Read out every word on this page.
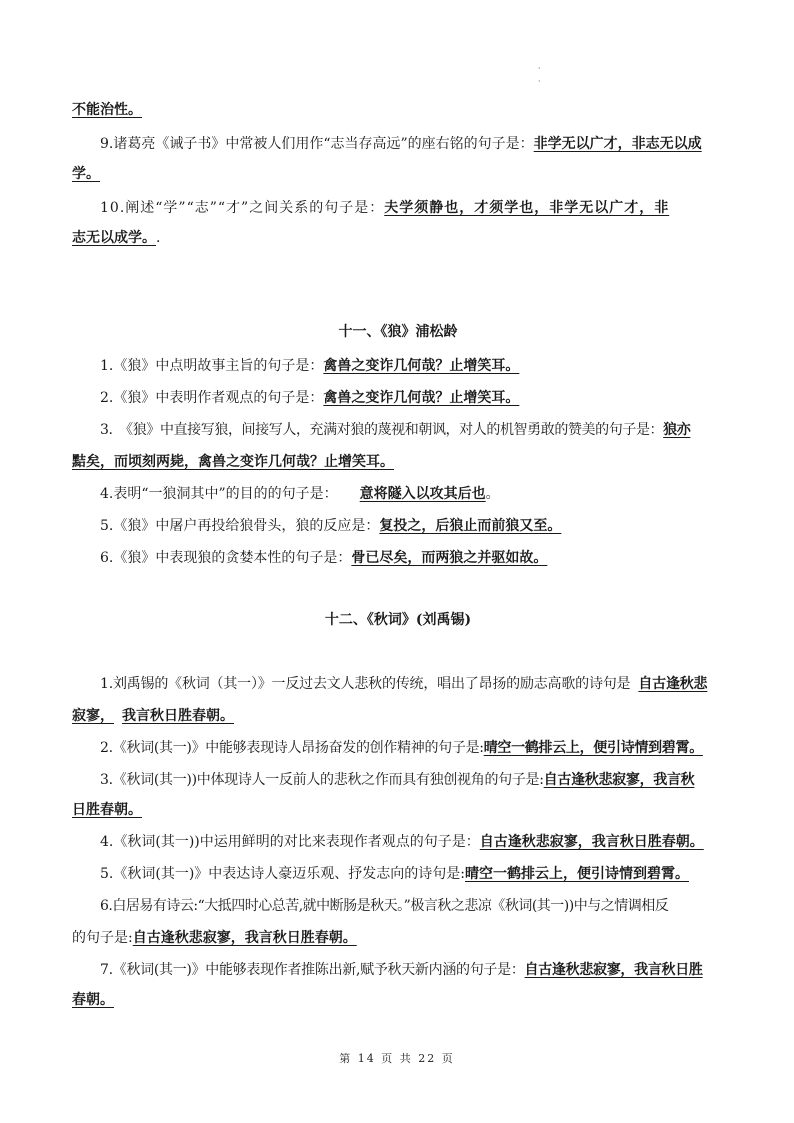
·
·
不能治性。
9.诸葛亮《诫子书》中常被人们用作“志当存高远”的座右铭的句子是：非学无以广才，非志无以成
学。
10.阐述“学”“志”“才”之间关系的句子是：夫学须静也，才须学也，非学无以广才，非
志无以成学。.
十一、《狼》浦松龄
1.《狼》中点明故事主旨的句子是：禽兽之变诈几何哉？止增笑耳。
2.《狼》中表明作者观点的句子是：禽兽之变诈几何哉？止增笑耳。
3.　《狼》中直接写狼，间接写人，充满对狼的蔑视和朝讽，对人的机智勇敢的赞美的句子是：狼亦
黠矣，而顷刻两毙，禽兽之变诈几何哉？止增笑耳。
4.表明“一狼洞其中”的目的的句子是： 意将隧入以攻其后也。
5.《狼》中屠户再投给狼骨头，狼的反应是：复投之，后狼止而前狼又至。
6.《狼》中表现狼的贪婪本性的句子是：骨已尽矣，而两狼之并驱如故。
十二、《秋词》(刘禹锡)
1.刘禹锡的《秋词（其一）》一反过去文人悲秋的传统，唱出了昂扬的励志高歌的诗句是 自古逢秋悲
寂寥， 我言秋日胜春朝。
2.《秋词(其一)》中能够表现诗人昂扬奋发的创作精神的句子是:晴空一鹤排云上，便引诗情到碧霄。
3.《秋词(其一))中体现诗人一反前人的悲秋之作而具有独创视角的句子是:自古逢秋悲寂寥，我言秋
日胜春朝。
4.《秋词(其一))中运用鲜明的对比来表现作者观点的句子是：自古逢秋悲寂寥，我言秋日胜春朝。
5.《秋词(其一)》中表达诗人豪迈乐观、抒发志向的诗句是:晴空一鹤排云上，便引诗情到碧霄。
6.白居易有诗云:“大抵四时心总苦,就中断肠是秋天。”极言秋之悲凉《秋词(其一))中与之情调相反
的句子是:自古逢秋悲寂寥，我言秋日胜春朝。
7.《秋词(其一)》中能够表现作者推陈出新,赋予秋天新内涵的句子是：自古逢秋悲寂寥，我言秋日胜
春朝。
第 14 页 共 22 页
